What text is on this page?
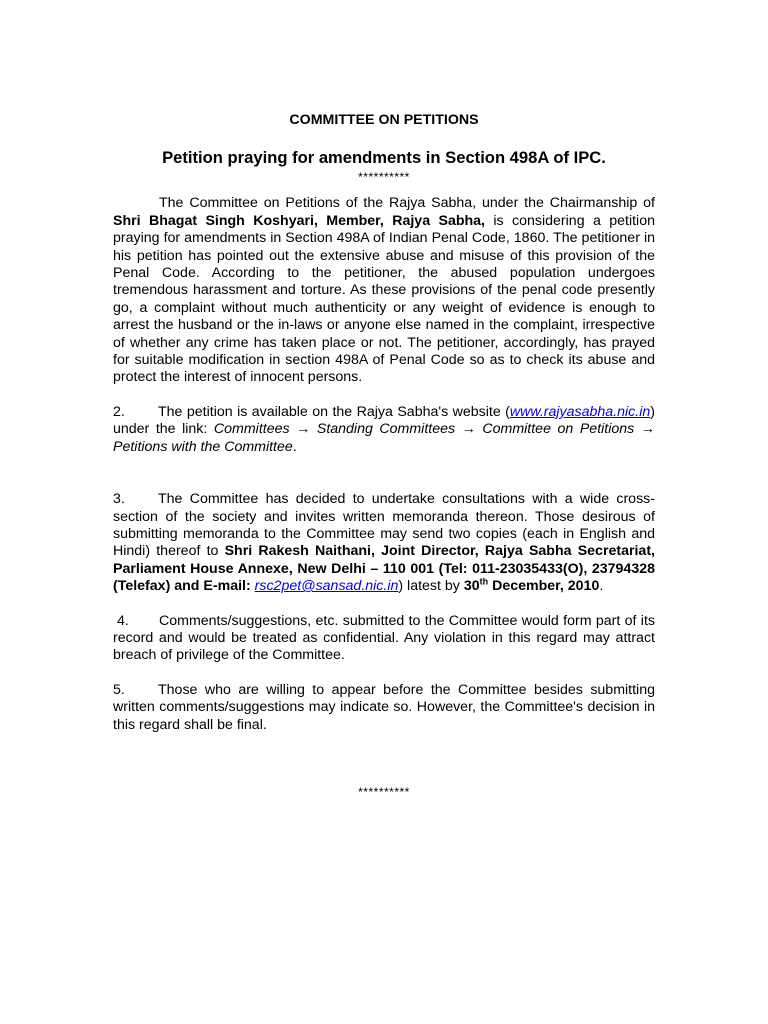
COMMITTEE ON PETITIONS

Petition praying for amendments in Section 498A of IPC.

**********

The Committee on Petitions of the Rajya Sabha, under the Chairmanship of Shri Bhagat Singh Koshyari, Member, Rajya Sabha, is considering a petition praying for amendments in Section 498A of Indian Penal Code, 1860. The petitioner in his petition has pointed out the extensive abuse and misuse of this provision of the Penal Code. According to the petitioner, the abused population undergoes tremendous harassment and torture. As these provisions of the penal code presently go, a complaint without much authenticity or any weight of evidence is enough to arrest the husband or the in-laws or anyone else named in the complaint, irrespective of whether any crime has taken place or not. The petitioner, accordingly, has prayed for suitable modification in section 498A of Penal Code so as to check its abuse and protect the interest of innocent persons.

2. The petition is available on the Rajya Sabha's website (www.rajyasabha.nic.in) under the link: Committees → Standing Committees → Committee on Petitions → Petitions with the Committee.

3. The Committee has decided to undertake consultations with a wide cross-section of the society and invites written memoranda thereon. Those desirous of submitting memoranda to the Committee may send two copies (each in English and Hindi) thereof to Shri Rakesh Naithani, Joint Director, Rajya Sabha Secretariat, Parliament House Annexe, New Delhi – 110 001 (Tel: 011-23035433(O), 23794328 (Telefax) and E-mail: rsc2pet@sansad.nic.in) latest by 30th December, 2010.

4. Comments/suggestions, etc. submitted to the Committee would form part of its record and would be treated as confidential. Any violation in this regard may attract breach of privilege of the Committee.

5. Those who are willing to appear before the Committee besides submitting written comments/suggestions may indicate so. However, the Committee's decision in this regard shall be final.

**********
